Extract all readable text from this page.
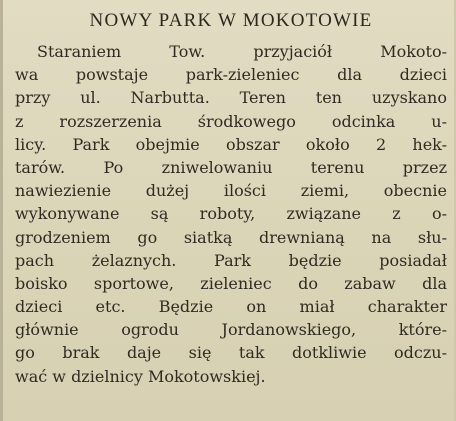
NOWY PARK W MOKOTOWIE
Staraniem Tow. przyjaciół Mokoto-
wa powstaje park-zieleniec dla dzieci
przy ul. Narbutta. Teren ten uzyskano
z rozszerzenia środkowego odcinka u-
licy. Park obejmie obszar około 2 hek-
tarów. Po zniwelowaniu terenu przez
nawiezienie dużej ilości ziemi, obecnie
wykonywane są roboty, związane z o-
grodzeniem go siatką drewnianą na słu-
pach żelaznych. Park będzie posiadał
boisko sportowe, zieleniec do zabaw dla
dzieci etc. Będzie on miał charakter
głównie ogrodu Jordanowskiego, które-
go brak daje się tak dotkliwie odczu-
wać w dzielnicy Mokotowskiej.
